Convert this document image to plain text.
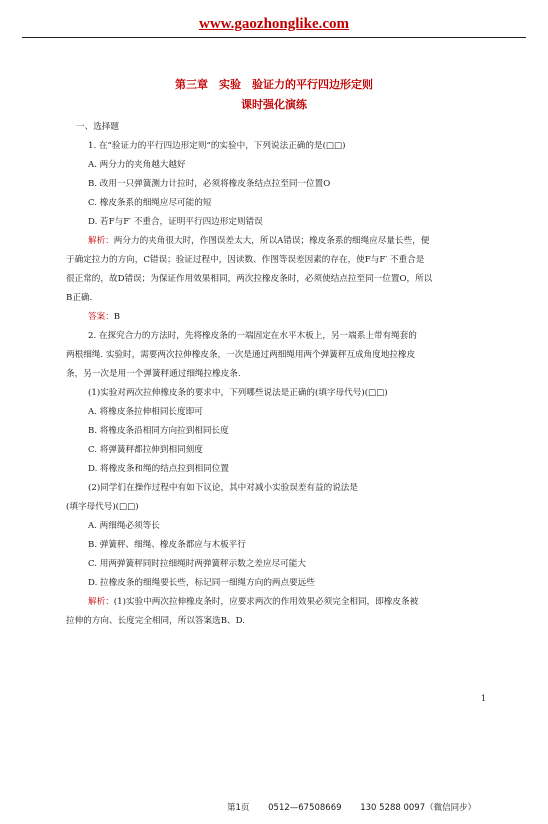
www.gaozhonglike.com
第三章　实验　验证力的平行四边形定则
课时强化演练
一、选择题
1. 在“验证力的平行四边形定则”的实验中，下列说法正确的是(□□)
A. 两分力的夹角越大越好
B. 改用一只弹簧测力计拉时，必须将橡皮条结点拉至同一位置O
C. 橡皮条系的细绳应尽可能的短
D. 若F与F′ 不重合，证明平行四边形定则错误
解析：两分力的夹角很大时，作图误差太大，所以A错误；橡皮条系的细绳应尽量长些，便
于确定拉力的方向，C错误；验证过程中，因读数、作图等误差因素的存在，使F与F′ 不重合是
很正常的，故D错误；为保证作用效果相同，两次拉橡皮条时，必须使结点拉至同一位置O，所以
B正确.
答案：B
2. 在探究合力的方法时，先将橡皮条的一端固定在水平木板上，另一端系上带有绳套的
两根细绳. 实验时，需要两次拉伸橡皮条，一次是通过两细绳用两个弹簧秤互成角度地拉橡皮
条，另一次是用一个弹簧秤通过细绳拉橡皮条.
(1)实验对两次拉伸橡皮条的要求中，下列哪些说法是正确的(填字母代号)(□□)
A. 将橡皮条拉伸相同长度即可
B. 将橡皮条沿相同方向拉到相同长度
C. 将弹簧秤都拉伸到相同刻度
D. 将橡皮条和绳的结点拉到相同位置
(2)同学们在操作过程中有如下议论，其中对减小实验误差有益的说法是
(填字母代号)(□□)
A. 两细绳必须等长
B. 弹簧秤、细绳、橡皮条都应与木板平行
C. 用两弹簧秤同时拉细绳时两弹簧秤示数之差应尽可能大
D. 拉橡皮条的细绳要长些，标记同一细绳方向的两点要远些
解析：(1)实验中两次拉伸橡皮条时，应要求两次的作用效果必须完全相同，即橡皮条被
拉伸的方向、长度完全相同，所以答案选B、D.
1
第1页 0512—67508669 130 5288 0097（微信同步）
